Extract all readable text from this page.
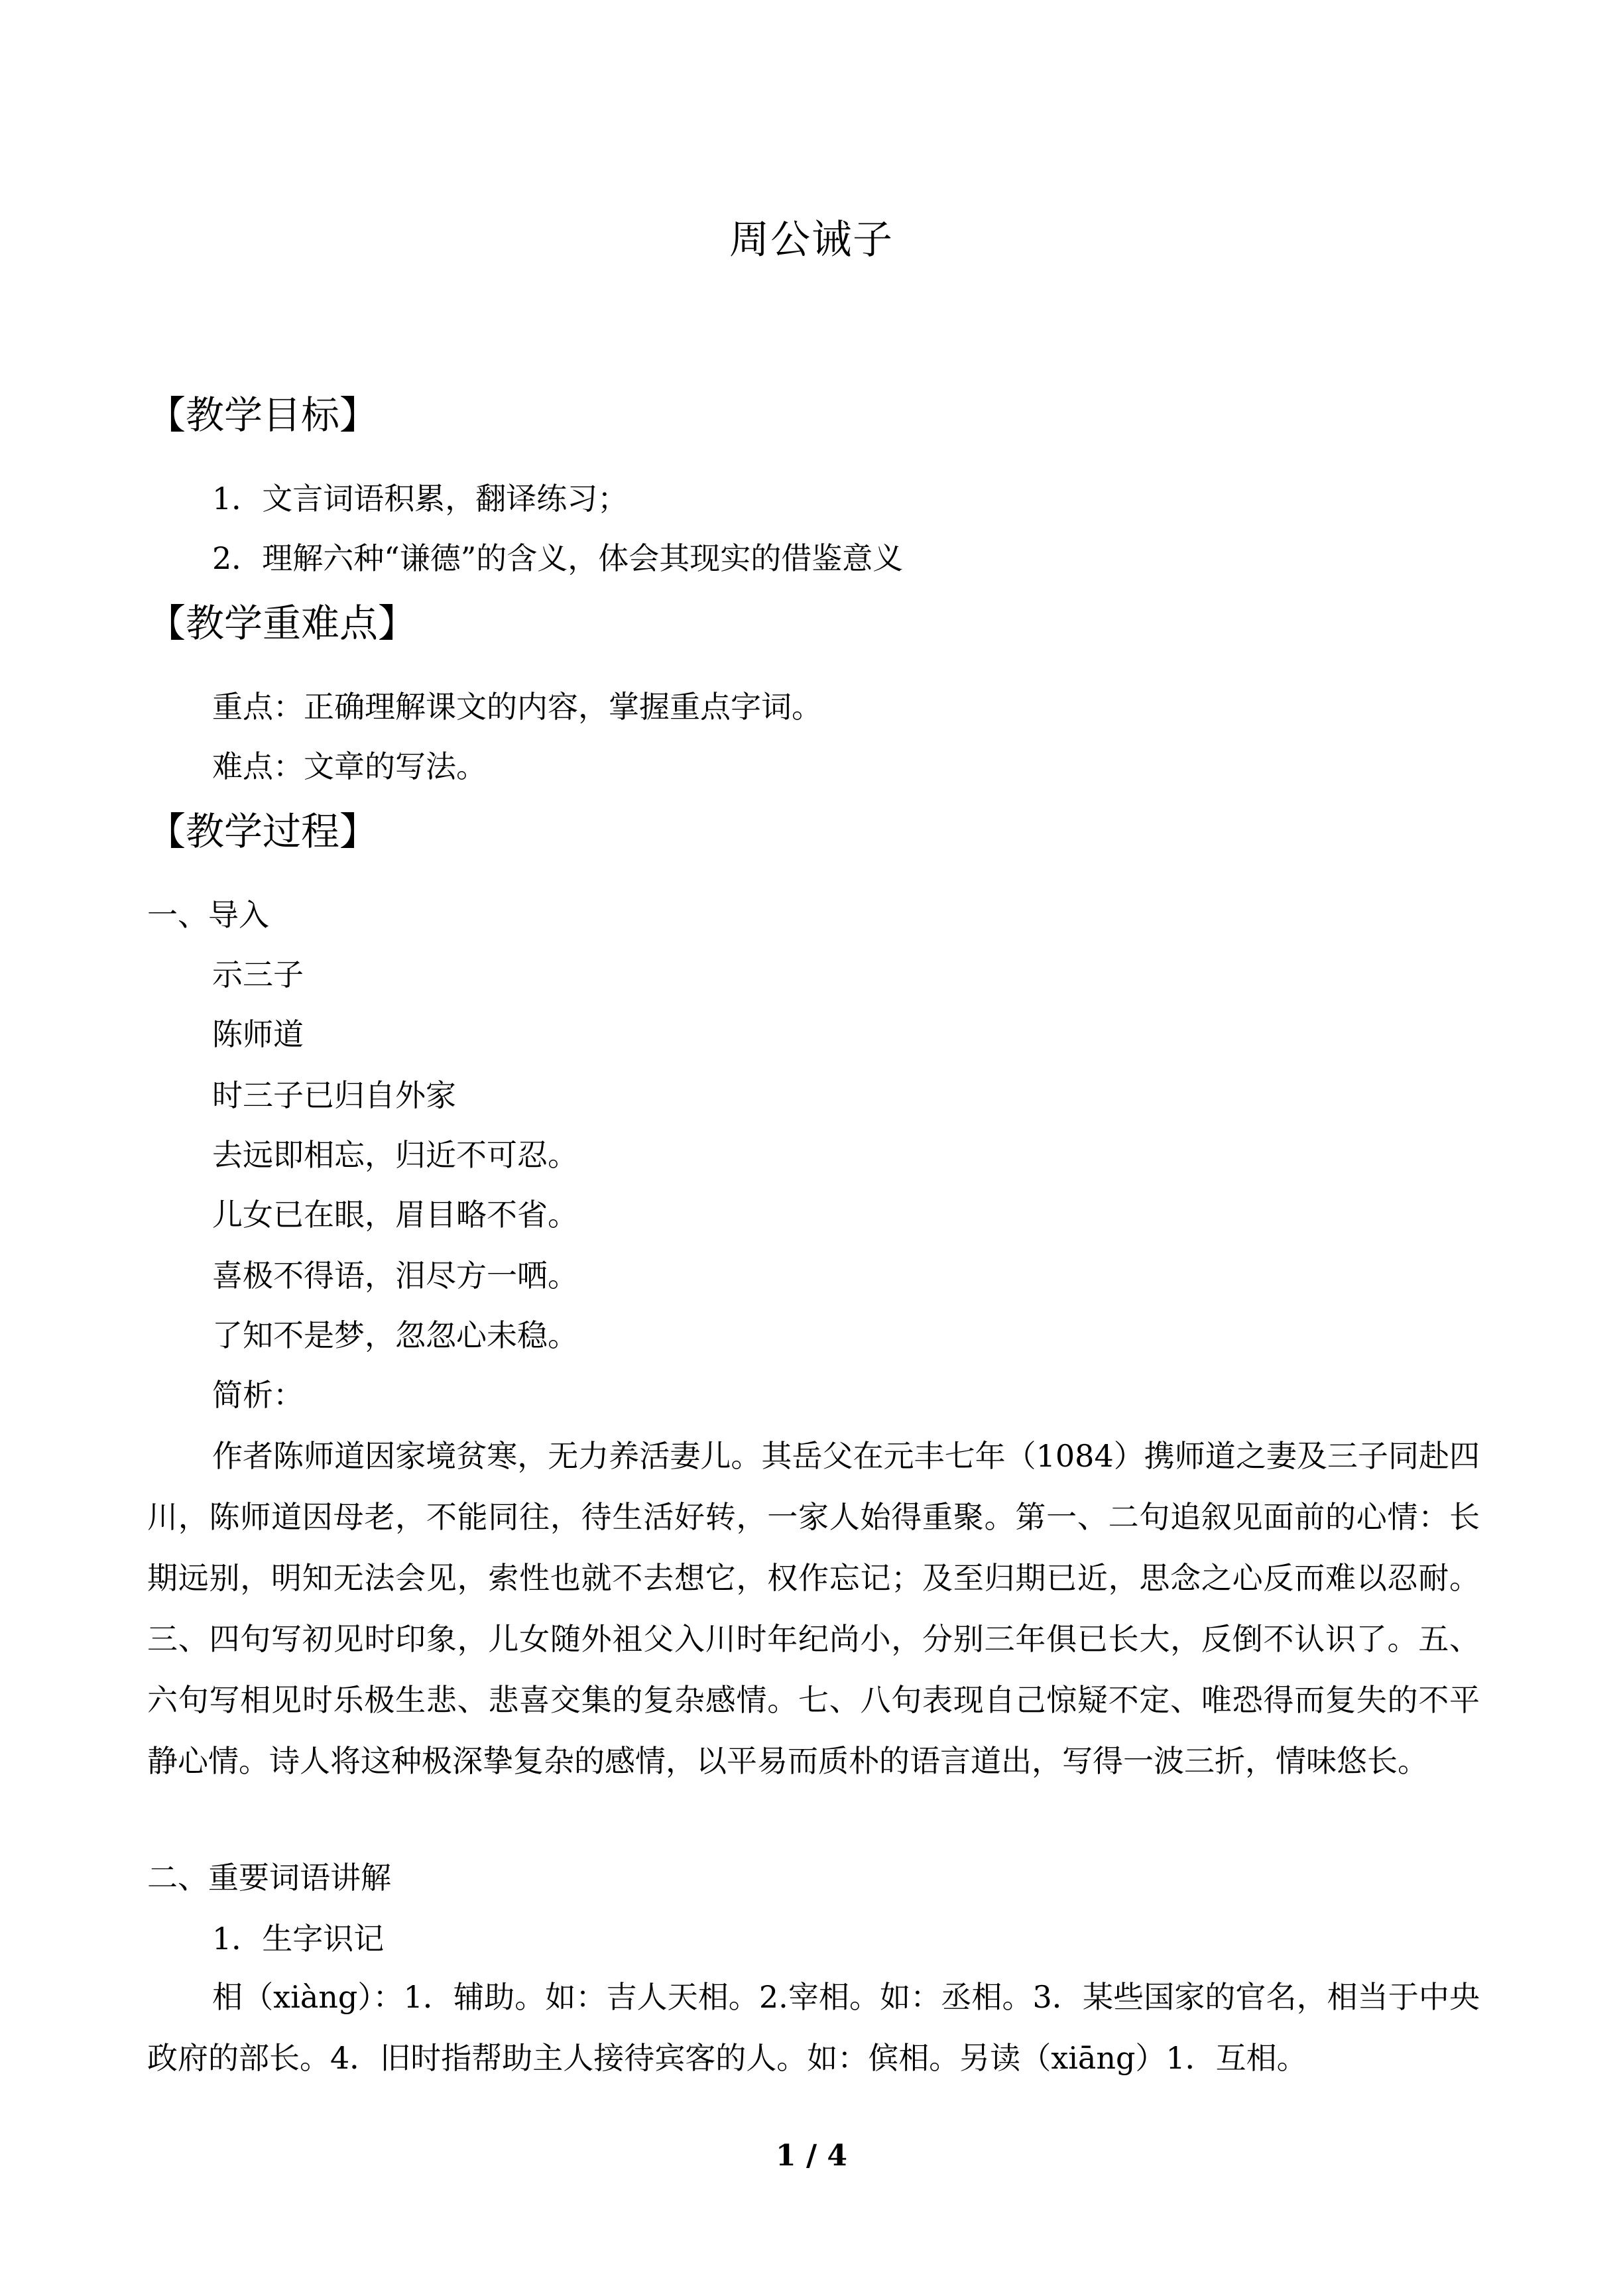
周公诫子
【教学目标】
1．文言词语积累，翻译练习；
2．理解六种“谦德”的含义，体会其现实的借鉴意义
【教学重难点】
重点：正确理解课文的内容，掌握重点字词。
难点：文章的写法。
【教学过程】
一、导入
示三子
陈师道
时三子已归自外家
去远即相忘，归近不可忍。
儿女已在眼，眉目略不省。
喜极不得语，泪尽方一哂。
了知不是梦，忽忽心未稳。
简析：
作者陈师道因家境贫寒，无力养活妻儿。其岳父在元丰七年（1084）携师道之妻及三子同赴四川，陈师道因母老，不能同往，待生活好转，一家人始得重聚。第一、二句追叙见面前的心情：长期远别，明知无法会见，索性也就不去想它，权作忘记；及至归期已近，思念之心反而难以忍耐。三、四句写初见时印象，儿女随外祖父入川时年纪尚小，分别三年俱已长大，反倒不认识了。五、六句写相见时乐极生悲、悲喜交集的复杂感情。七、八句表现自己惊疑不定、唯恐得而复失的不平静心情。诗人将这种极深挚复杂的感情，以平易而质朴的语言道出，写得一波三折，情味悠长。
二、重要词语讲解
1．生字识记
相（xiàng）：1．辅助。如：吉人天相。2.宰相。如：丞相。3．某些国家的官名，相当于中央政府的部长。4．旧时指帮助主人接待宾客的人。如：傧相。另读（xiāng）1．互相。
1 / 4
